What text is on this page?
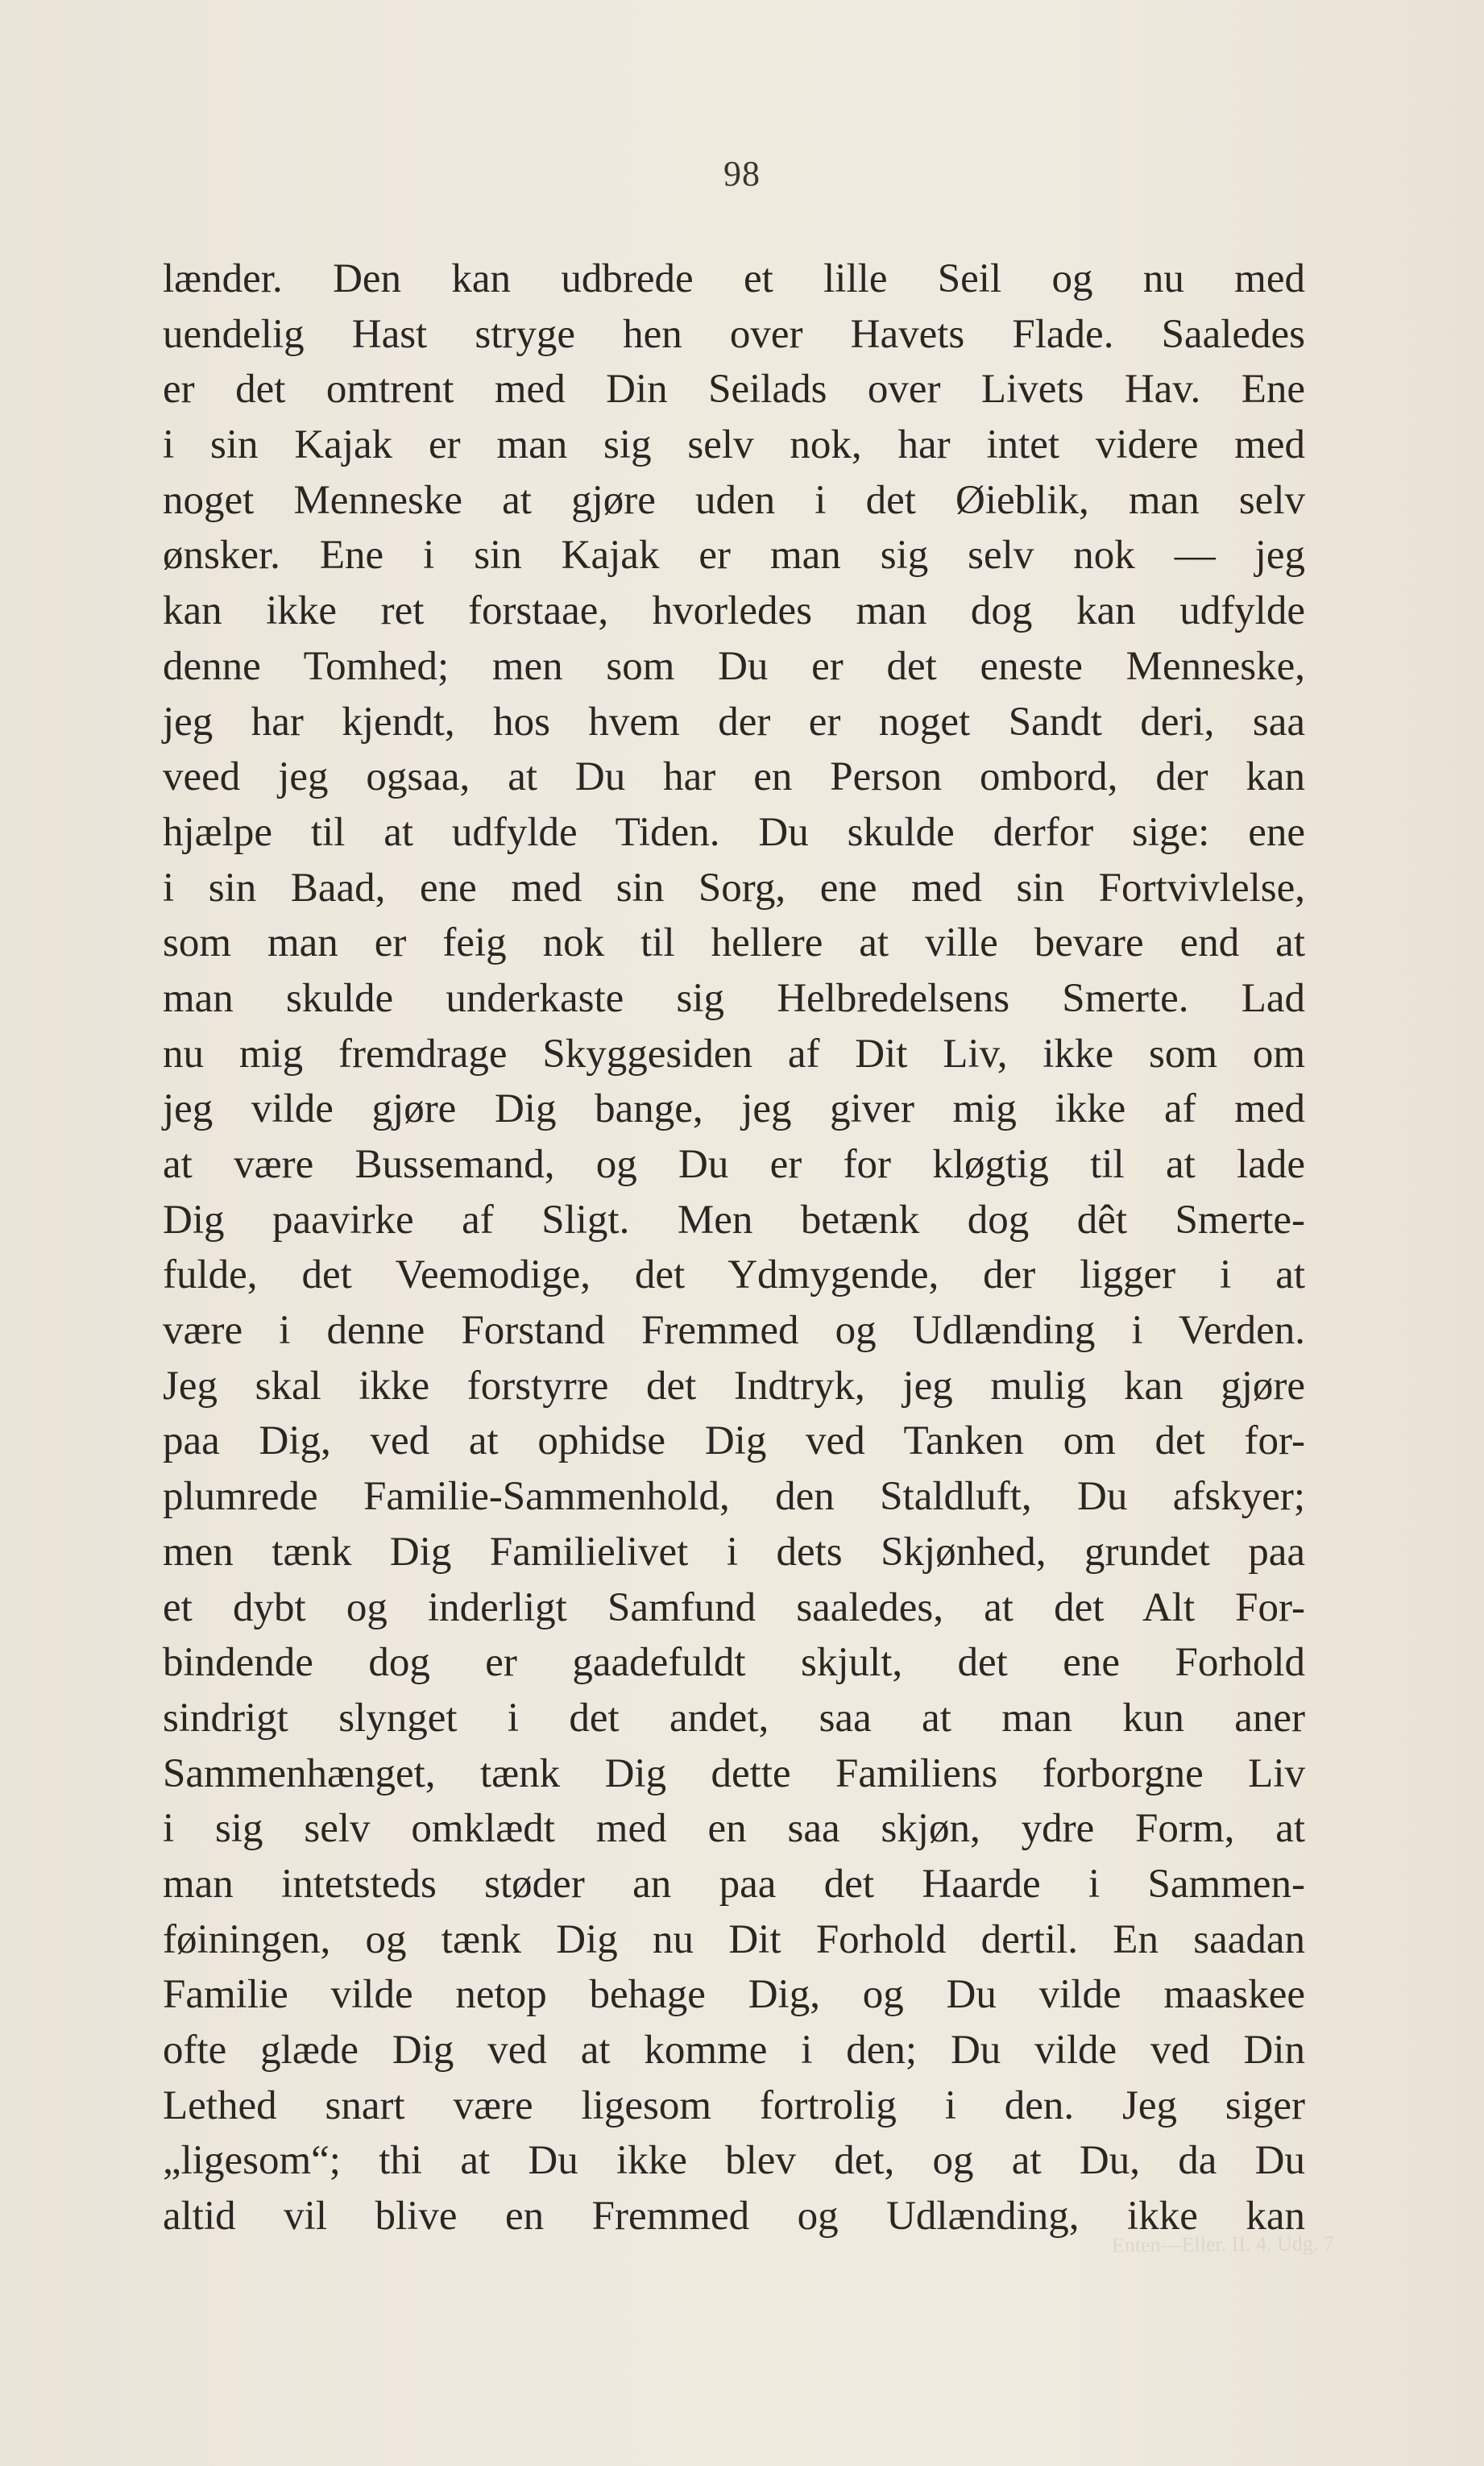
98
lænder. Den kan udbrede et lille Seil og nu med
uendelig Hast stryge hen over Havets Flade. Saaledes
er det omtrent med Din Seilads over Livets Hav. Ene
i sin Kajak er man sig selv nok, har intet videre med
noget Menneske at gjøre uden i det Øieblik, man selv
ønsker. Ene i sin Kajak er man sig selv nok — jeg
kan ikke ret forstaae, hvorledes man dog kan udfylde
denne Tomhed; men som Du er det eneste Menneske,
jeg har kjendt, hos hvem der er noget Sandt deri, saa
veed jeg ogsaa, at Du har en Person ombord, der kan
hjælpe til at udfylde Tiden. Du skulde derfor sige: ene
i sin Baad, ene med sin Sorg, ene med sin Fortvivlelse,
som man er feig nok til hellere at ville bevare end at
man skulde underkaste sig Helbredelsens Smerte. Lad
nu mig fremdrage Skyggesiden af Dit Liv, ikke som om
jeg vilde gjøre Dig bange, jeg giver mig ikke af med
at være Bussemand, og Du er for kløgtig til at lade
Dig paavirke af Sligt. Men betænk dog dêt Smerte-
fulde, det Veemodige, det Ydmygende, der ligger i at
være i denne Forstand Fremmed og Udlænding i Verden.
Jeg skal ikke forstyrre det Indtryk, jeg mulig kan gjøre
paa Dig, ved at ophidse Dig ved Tanken om det for-
plumrede Familie-Sammenhold, den Staldluft, Du afskyer;
men tænk Dig Familielivet i dets Skjønhed, grundet paa
et dybt og inderligt Samfund saaledes, at det Alt For-
bindende dog er gaadefuldt skjult, det ene Forhold
sindrigt slynget i det andet, saa at man kun aner
Sammenhænget, tænk Dig dette Familiens forborgne Liv
i sig selv omklædt med en saa skjøn, ydre Form, at
man intetsteds støder an paa det Haarde i Sammen-
føiningen, og tænk Dig nu Dit Forhold dertil. En saadan
Familie vilde netop behage Dig, og Du vilde maaskee
ofte glæde Dig ved at komme i den; Du vilde ved Din
Lethed snart være ligesom fortrolig i den. Jeg siger
„ligesom“; thi at Du ikke blev det, og at Du, da Du
altid vil blive en Fremmed og Udlænding, ikke kan
Enten—Eller. II. 4. Udg. 7
